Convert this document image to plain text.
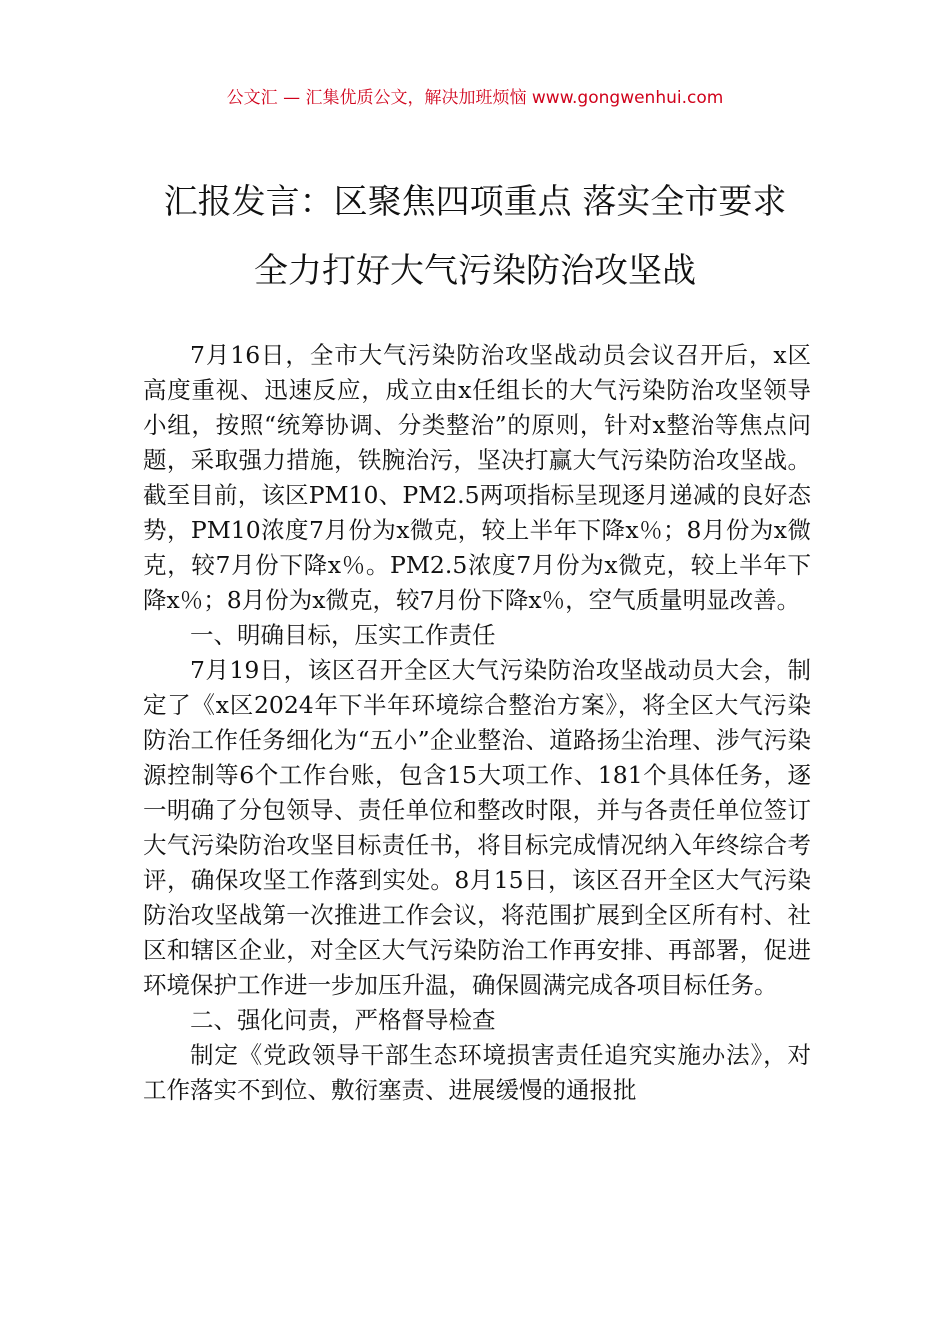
公文汇 — 汇集优质公文，解决加班烦恼 www.gongwenhui.com
汇报发言：区聚焦四项重点 落实全市要求
全力打好大气污染防治攻坚战

7月16日，全市大气污染防治攻坚战动员会议召开后，x区高度重视、迅速反应，成立由x任组长的大气污染防治攻坚领导小组，按照“统筹协调、分类整治”的原则，针对x整治等焦点问题，采取强力措施，铁腕治污，坚决打赢大气污染防治攻坚战。截至目前，该区PM10、PM2.5两项指标呈现逐月递减的良好态势，PM10浓度7月份为x微克，较上半年下降x％；8月份为x微克，较7月份下降x％。PM2.5浓度7月份为x微克，较上半年下降x％；8月份为x微克，较7月份下降x％，空气质量明显改善。

一、明确目标，压实工作责任

7月19日，该区召开全区大气污染防治攻坚战动员大会，制定了《x区2024年下半年环境综合整治方案》，将全区大气污染防治工作任务细化为“五小”企业整治、道路扬尘治理、涉气污染源控制等6个工作台账，包含15大项工作、181个具体任务，逐一明确了分包领导、责任单位和整改时限，并与各责任单位签订大气污染防治攻坚目标责任书，将目标完成情况纳入年终综合考评，确保攻坚工作落到实处。8月15日，该区召开全区大气污染防治攻坚战第一次推进工作会议，将范围扩展到全区所有村、社区和辖区企业，对全区大气污染防治工作再安排、再部署，促进环境保护工作进一步加压升温，确保圆满完成各项目标任务。

二、强化问责，严格督导检查

制定《党政领导干部生态环境损害责任追究实施办法》，对工作落实不到位、敷衍塞责、进展缓慢的通报批
